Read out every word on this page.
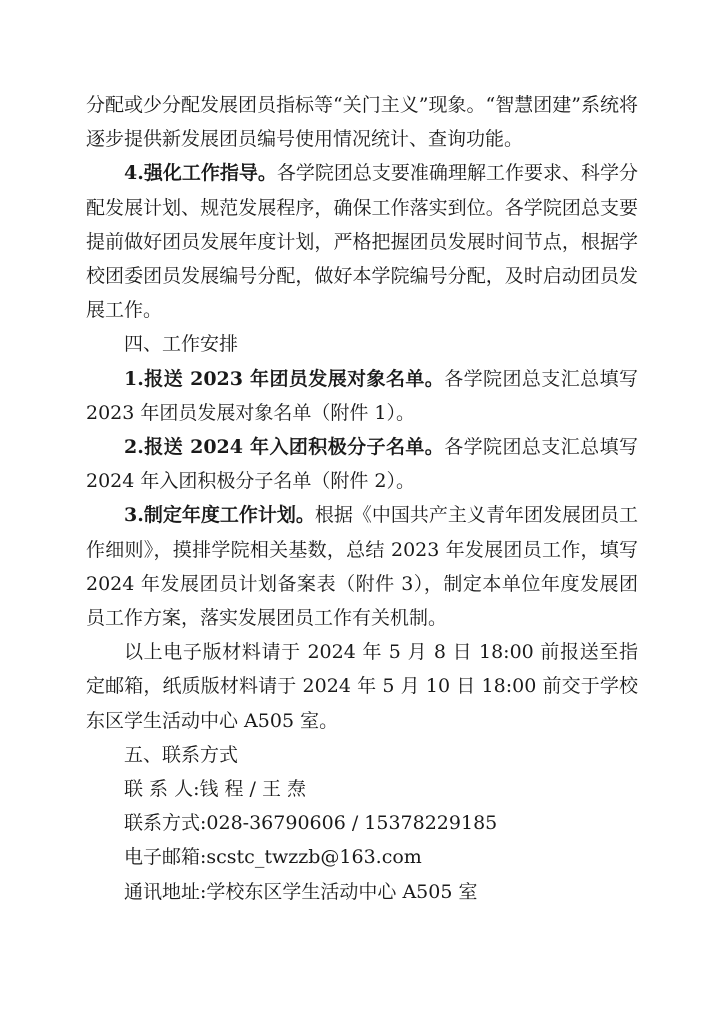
分配或少分配发展团员指标等“关门主义”现象。“智慧团建”系统将逐步提供新发展团员编号使用情况统计、查询功能。

4.强化工作指导。各学院团总支要准确理解工作要求、科学分配发展计划、规范发展程序，确保工作落实到位。各学院团总支要提前做好团员发展年度计划，严格把握团员发展时间节点，根据学校团委团员发展编号分配，做好本学院编号分配，及时启动团员发展工作。

四、工作安排

1.报送 2023 年团员发展对象名单。各学院团总支汇总填写 2023 年团员发展对象名单（附件 1）。

2.报送 2024 年入团积极分子名单。各学院团总支汇总填写 2024 年入团积极分子名单（附件 2）。

3.制定年度工作计划。根据《中国共产主义青年团发展团员工作细则》，摸排学院相关基数，总结 2023 年发展团员工作，填写 2024 年发展团员计划备案表（附件 3），制定本单位年度发展团员工作方案，落实发展团员工作有关机制。

以上电子版材料请于 2024 年 5 月 8 日 18:00 前报送至指定邮箱，纸质版材料请于 2024 年 5 月 10 日 18:00 前交于学校东区学生活动中心 A505 室。

五、联系方式

联 系 人:钱 程 / 王 焘

联系方式:028-36790606 / 15378229185

电子邮箱:scstc_twzzb@163.com

通讯地址:学校东区学生活动中心 A505 室
